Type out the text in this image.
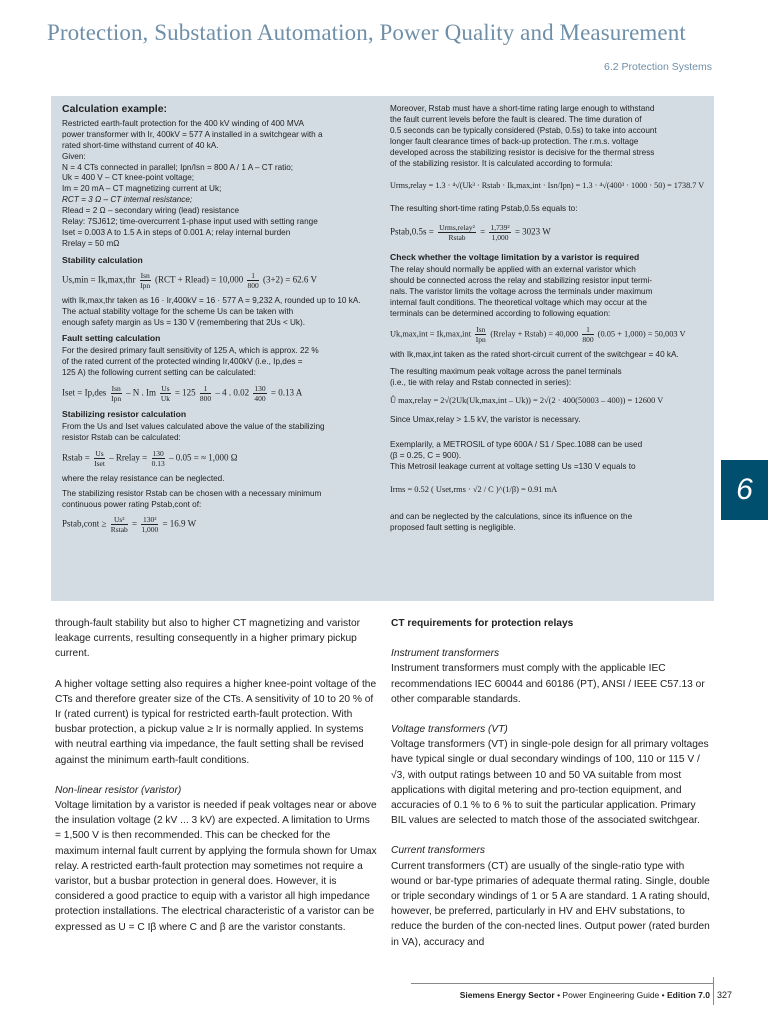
Protection, Substation Automation, Power Quality and Measurement
6.2 Protection Systems
Calculation example:
Restricted earth-fault protection for the 400 kV winding of 400 MVA
power transformer with Ir, 400kV = 577 A installed in a switchgear with a
rated short-time withstand current of 40 kA.
Given:
N = 4 CTs connected in parallel; Ipn/Isn = 800 A / 1 A – CT ratio;
Uk = 400 V – CT knee-point voltage;
Im = 20 mA – CT magnetizing current at Uk;
RCT = 3 Ω – CT internal resistance;
Rlead = 2 Ω – secondary wiring (lead) resistance
Relay: 7SJ612; time-overcurrent 1-phase input used with setting range
Iset = 0.003 A to 1.5 A in steps of 0.001 A; relay internal burden
Rrelay = 50 mΩ
Stability calculation
$Us,\min = Ik,\max,thr \frac{\text{Isn}}{\text{Ipn}} (RCT$ + Rlead) = $10,000 \frac{1}{800} (3+2) = 62.6$ V
with Ik,max,thr taken as 16 · Ir,400kV = 16 · 577 A = 9,232 A, rounded up to 10 kA.
The actual stability voltage for the scheme Us can be taken with
enough safety margin as Us = 130 V (remembering that 2Us < Uk).
Fault setting calculation
For the desired primary fault sensitivity of 125 A, which is approx. 22 %
of the rated current of the protected winding Ir,400kV (i.e., Ip,des =
125 A) the following current setting can be calculated:
Iset = $Ip,des \frac{\text{Isn}}{\text{Ipn}}$ – N . Im $\frac{Us}{Uk} = 125 \frac{1}{800} - 4$ . $0.02 \frac{130}{400} = 0.13$ A
Stabilizing resistor calculation
From the Us and Iset values calculated above the value of the stabilizing
resistor Rstab can be calculated:
Rstab = $\frac{Us}{\text{Iset}}$ – Rrelay = $\frac{130}{0.13} - 0.05$ = ≈ 1,000 Ω
where the relay resistance can be neglected.
The stabilizing resistor Rstab can be chosen with a necessary minimum
continuous power rating Pstab,cont of:
Pstab,cont ≥ $\frac{\text{Us²}}{\text{Rstab}} = \frac{\text{130²}}{1,000} = 16.9$ W
Moreover, Rstab must have a short-time rating large enough to withstand
the fault current levels before the fault is cleared. The time duration of
0.5 seconds can be typically considered (Pstab, 0.5s) to take into account
longer fault clearance times of back-up protection. The r.m.s. voltage
developed across the stabilizing resistor is decisive for the thermal stress
of the stabilizing resistor. It is calculated according to formula:
Urms,relay = 1.3 · ⁴√(Uk³ · Rstab · Ik,max,int · Isn/Ipn) = 1.3 · ⁴√(400³ · 1000 · 50) = 1738.7 V
The resulting short-time rating Pstab,0.5s equals to:
Pstab,0.5s = $\frac{\text{Urms,relay²}}{\text{Rstab}} = \frac{\text{1,739²}}{1,000} = 3023$ W
Check whether the voltage limitation by a varistor is required
The relay should normally be applied with an external varistor which
should be connected across the relay and stabilizing resistor input termi-
nals. The varistor limits the voltage across the terminals under maximum
internal fault conditions. The theoretical voltage which may occur at the
terminals can be determined according to following equation:
$Uk,\max,int = Ik,\max,int \frac{\text{Isn}}{\text{Ipn}}$ (Rrelay + Rstab) = $40,000 \frac{1}{800} (0.05 + 1,000) = 50,003$ V
with Ik,max,int taken as the rated short-circuit current of the switchgear = 40 kA.
The resulting maximum peak voltage across the panel terminals
(i.e., tie with relay and Rstab connected in series):
Û max,relay = 2√(2Uk(Uk,max,int – Uk)) = 2√(2 · 400(50003 – 400)) = 12600 V
Since Umax,relay > 1.5 kV, the varistor is necessary.
Exemplarily, a METROSIL of type 600A / S1 / Spec.1088 can be used
(β = 0.25, C = 900).
This Metrosil leakage current at voltage setting Us =130 V equals to
Irms = 0.52 ( Uset,rms · √2 / C )^(1/β) = 0.91 mA
and can be neglected by the calculations, since its influence on the
proposed fault setting is negligible.
6

through-fault stability but also to higher CT magnetizing and varistor leakage currents, resulting consequently in a higher primary pickup current.

A higher voltage setting also requires a higher knee-point voltage of the CTs and therefore greater size of the CTs. A sensitivity of 10 to 20 % of Ir (rated current) is typical for restricted earth-fault protection. With busbar protection, a pickup value ≥ Ir is normally applied. In systems with neutral earthing via impedance, the fault setting shall be revised against the minimum earth-fault conditions.

Non-linear resistor (varistor)

Voltage limitation by a varistor is needed if peak voltages near or above the insulation voltage (2 kV ... 3 kV) are expected. A limitation to Urms = 1,500 V is then recommended. This can be checked for the maximum internal fault current by applying the formula shown for Umax relay. A restricted earth-fault protection may sometimes not require a varistor, but a busbar protection in general does. However, it is considered a good practice to equip with a varistor all high impedance protection installations. The electrical characteristic of a varistor can be expressed as U = C Iβ where C and β are the varistor constants.

CT requirements for protection relays

Instrument transformers

Instrument transformers must comply with the applicable IEC recommendations IEC 60044 and 60186 (PT), ANSI / IEEE C57.13 or other comparable standards.

Voltage transformers (VT)

Voltage transformers (VT) in single-pole design for all primary voltages have typical single or dual secondary windings of 100, 110 or 115 V / √3, with output ratings between 10 and 50 VA suitable from most applications with digital metering and pro-tection equipment, and accuracies of 0.1 % to 6 % to suit the particular application. Primary BIL values are selected to match those of the associated switchgear.

Current transformers

Current transformers (CT) are usually of the single-ratio type with wound or bar-type primaries of adequate thermal rating. Single, double or triple secondary windings of 1 or 5 A are standard. 1 A rating should, however, be preferred, particularly in HV and EHV substations, to reduce the burden of the con-nected lines. Output power (rated burden in VA), accuracy and

Siemens Energy Sector • Power Engineering Guide • Edition 7.0 327
